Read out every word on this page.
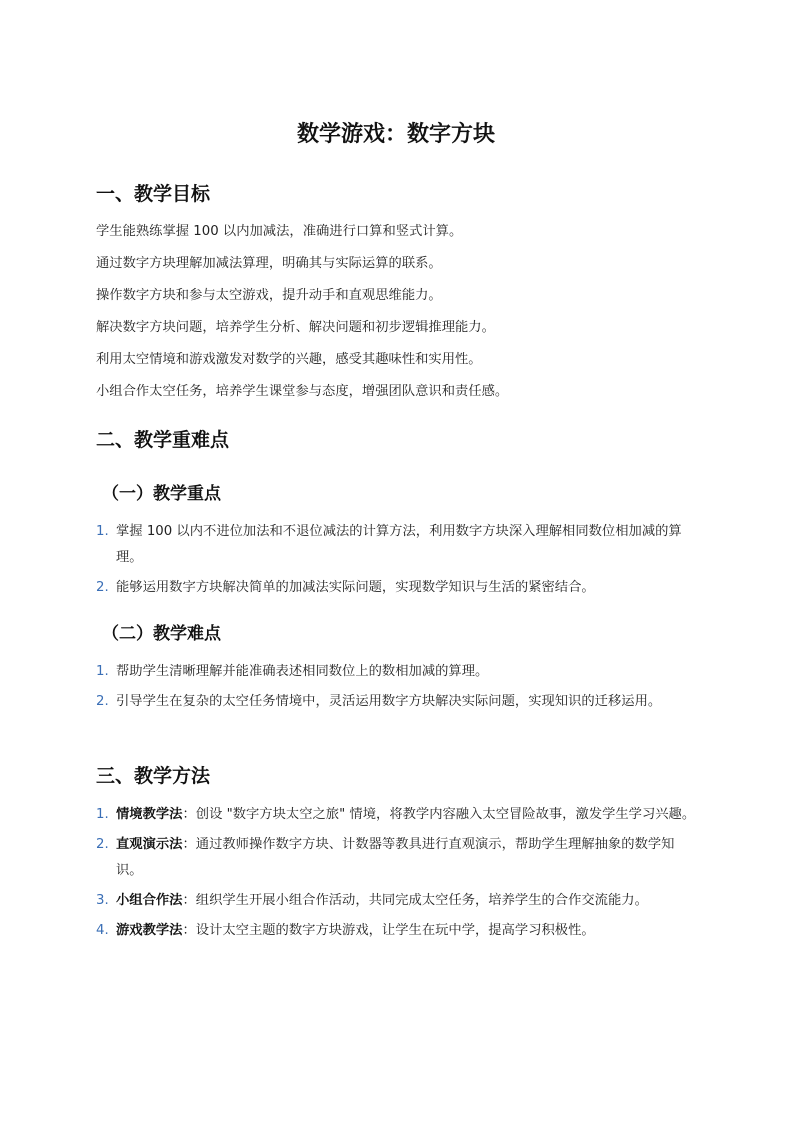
数学游戏：数字方块
一、教学目标

学生能熟练掌握 100 以内加减法，准确进行口算和竖式计算。

通过数字方块理解加减法算理，明确其与实际运算的联系。

操作数字方块和参与太空游戏，提升动手和直观思维能力。

解决数字方块问题，培养学生分析、解决问题和初步逻辑推理能力。

利用太空情境和游戏激发对数学的兴趣，感受其趣味性和实用性。

小组合作太空任务，培养学生课堂参与态度，增强团队意识和责任感。

二、教学重难点
（一）教学重点
1. 掌握 100 以内不进位加法和不退位减法的计算方法，利用数字方块深入理解相同数位相加减的算理。
2. 能够运用数字方块解决简单的加减法实际问题，实现数学知识与生活的紧密结合。
（二）教学难点
1. 帮助学生清晰理解并能准确表述相同数位上的数相加减的算理。
2. 引导学生在复杂的太空任务情境中，灵活运用数字方块解决实际问题，实现知识的迁移运用。
三、教学方法
1. 情境教学法：创设 "数字方块太空之旅" 情境，将教学内容融入太空冒险故事，激发学生学习兴趣。
2. 直观演示法：通过教师操作数字方块、计数器等教具进行直观演示，帮助学生理解抽象的数学知识。
3. 小组合作法：组织学生开展小组合作活动，共同完成太空任务，培养学生的合作交流能力。
4. 游戏教学法：设计太空主题的数字方块游戏，让学生在玩中学，提高学习积极性。
